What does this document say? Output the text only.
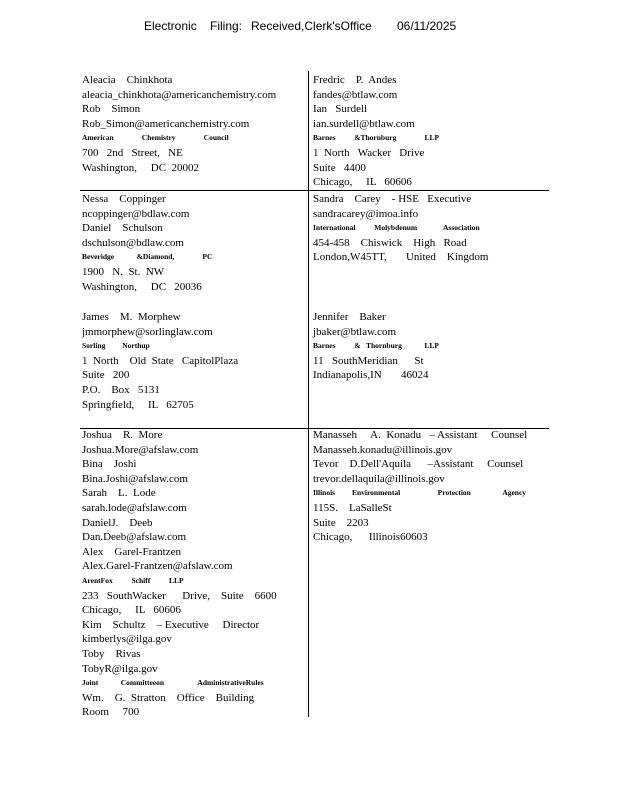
Electronic Filing: Received,Clerk'sOffice 06/11/2025
Aleacia    Chinkhota
aleacia_chinkhota@americanchemistry.com
Rob    Simon
Rob_Simon@americanchemistry.com
American               Chemistry               Council
700   2nd   Street,   NE
Washington,     DC  20002
Fredric    P.  Andes
fandes@btlaw.com
Ian   Surdell
ian.surdell@btlaw.com
Barnes          &Thornburg               LLP
1  North   Wacker   Drive
Suite   4400
Chicago,     IL   60606
Nessa    Coppinger
ncoppinger@bdlaw.com
Daniel    Schulson
dschulson@bdlaw.com
Beveridge            &Diamond,               PC
1900   N.  St.  NW
Washington,     DC   20036
Sandra    Carey    - HSE   Executive
sandracarey@imoa.info
International          Molybdenum              Association
454-458    Chiswick    High   Road
London,W45TT,       United    Kingdom
James    M.  Morphew
jmmorphew@sorlinglaw.com
Sorling         Northup
1  North    Old  State   CapitolPlaza
Suite   200
P.O.    Box   5131
Springfield,     IL   62705
Jennifer    Baker
jbaker@btlaw.com
Barnes          &   Thornburg            LLP
11   SouthMeridian      St
Indianapolis,IN       46024
Joshua    R.  More
Joshua.More@afslaw.com
Bina    Joshi
Bina.Joshi@afslaw.com
Sarah    L.  Lode
sarah.lode@afslaw.com
DanielJ.    Deeb
Dan.Deeb@afslaw.com
Alex    Garel-Frantzen
Alex.Garel-Frantzen@afslaw.com
ArentFox          Schiff          LLP
233   SouthWacker      Drive,    Suite    6600
Chicago,     IL   60606
Kim    Schultz    – Executive     Director
kimberlys@ilga.gov
Toby    Rivas
TobyR@ilga.gov
Joint            Committeeon                  AdministrativeRules
Wm.    G.  Stratton    Office    Building
Room     700
Manasseh     A.  Konadu   – Assistant     Counsel
Manasseh.konadu@illinois.gov
Tevor    D.Dell'Aquila      –Assistant     Counsel
trevor.dellaquila@illinois.gov
Illinois         Environmental                    Protection                 Agency
115S.    LaSalleSt
Suite    2203
Chicago,      Illinois60603
